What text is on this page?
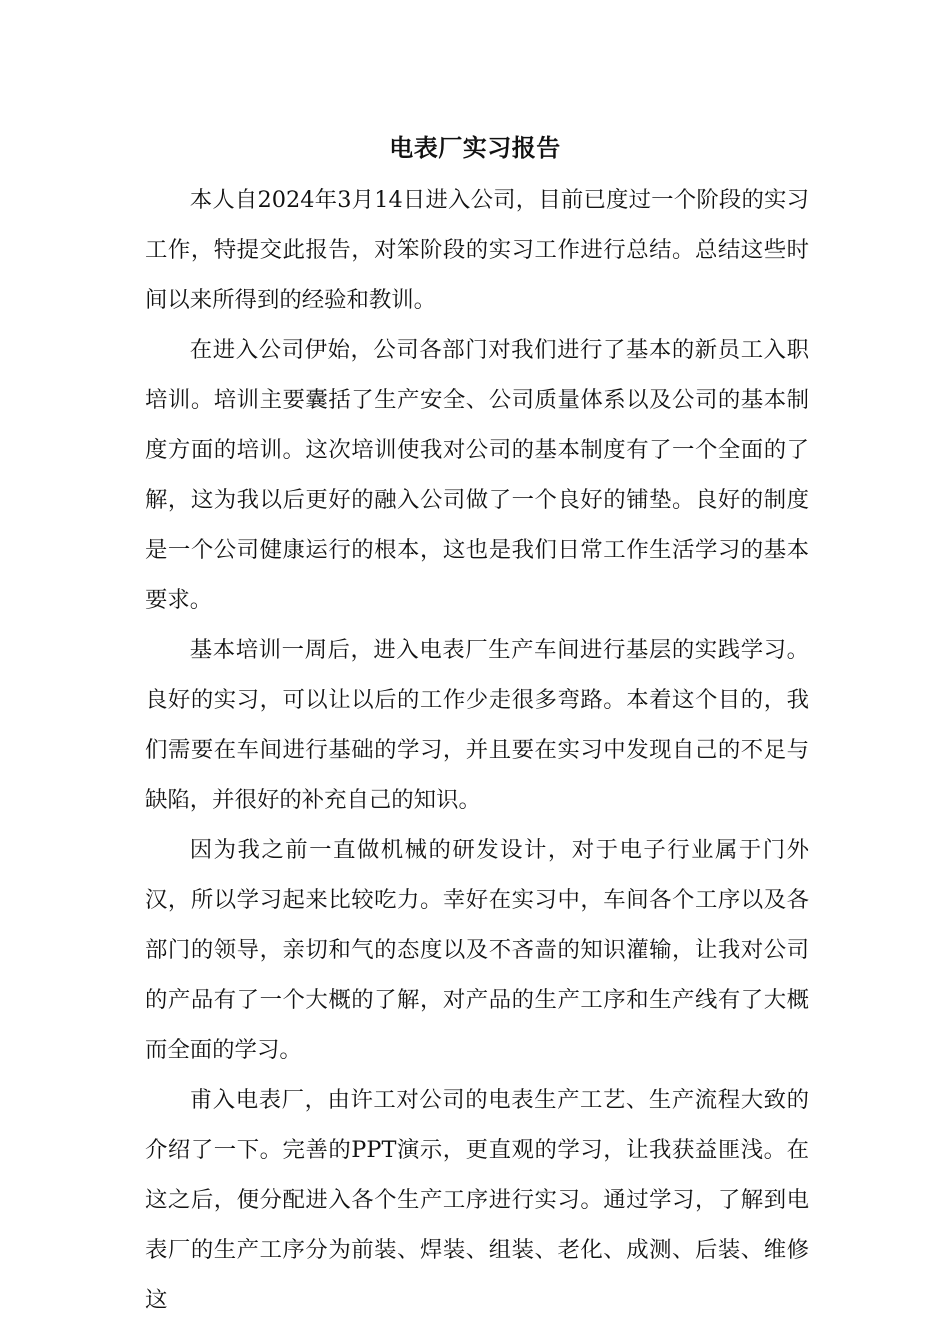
电表厂实习报告

本人自2024年3月14日进入公司，目前已度过一个阶段的实习工作，特提交此报告，对笨阶段的实习工作进行总结。总结这些时间以来所得到的经验和教训。

在进入公司伊始，公司各部门对我们进行了基本的新员工入职培训。培训主要囊括了生产安全、公司质量体系以及公司的基本制度方面的培训。这次培训使我对公司的基本制度有了一个全面的了解，这为我以后更好的融入公司做了一个良好的铺垫。良好的制度是一个公司健康运行的根本，这也是我们日常工作生活学习的基本要求。

基本培训一周后，进入电表厂生产车间进行基层的实践学习。良好的实习，可以让以后的工作少走很多弯路。本着这个目的，我们需要在车间进行基础的学习，并且要在实习中发现自己的不足与缺陷，并很好的补充自己的知识。

因为我之前一直做机械的研发设计，对于电子行业属于门外汉，所以学习起来比较吃力。幸好在实习中，车间各个工序以及各部门的领导，亲切和气的态度以及不吝啬的知识灌输，让我对公司的产品有了一个大概的了解，对产品的生产工序和生产线有了大概而全面的学习。

甫入电表厂，由许工对公司的电表生产工艺、生产流程大致的介绍了一下。完善的PPT演示，更直观的学习，让我获益匪浅。在这之后，便分配进入各个生产工序进行实习。通过学习，了解到电表厂的生产工序分为前装、焊装、组装、老化、成测、后装、维修这
